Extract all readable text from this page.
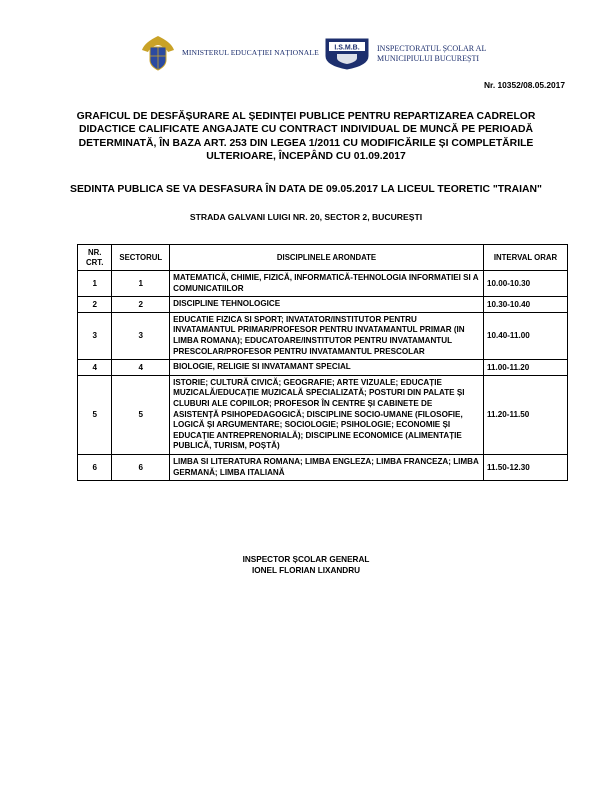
MINISTERUL EDUCAȚIEI NAȚIONALE I.S.M.B. INSPECTORATUL ȘCOLAR AL
MUNICIPIULUI BUCUREȘTI
Nr. 10352/08.05.2017
GRAFICUL DE DESFĂȘURARE AL ȘEDINȚEI PUBLICE PENTRU REPARTIZAREA CADRELOR DIDACTICE CALIFICATE ANGAJATE CU CONTRACT INDIVIDUAL DE MUNCĂ PE PERIOADĂ DETERMINATĂ, ÎN BAZA ART. 253 DIN LEGEA 1/2011 CU MODIFICĂRILE ȘI COMPLETĂRILE ULTERIOARE, ÎNCEPÂND CU 01.09.2017
SEDINTA PUBLICA SE VA DESFASURA ÎN DATA DE 09.05.2017 LA LICEUL TEORETIC "TRAIAN"
STRADA GALVANI LUIGI NR. 20, SECTOR 2, BUCUREȘTI
NR. CRT.	SECTORUL	DISCIPLINELE ARONDATE	INTERVAL ORAR
1	1	MATEMATICĂ, CHIMIE, FIZICĂ, INFORMATICĂ-TEHNOLOGIA INFORMATIEI SI A COMUNICATIILOR	10.00-10.30
2	2	DISCIPLINE TEHNOLOGICE	10.30-10.40
3	3	EDUCATIE FIZICA SI SPORT; INVATATOR/INSTITUTOR PENTRU INVATAMANTUL PRIMAR/PROFESOR PENTRU INVATAMANTUL PRIMAR (IN LIMBA ROMANA); EDUCATOARE/INSTITUTOR PENTRU INVATAMANTUL PRESCOLAR/PROFESOR PENTRU INVATAMANTUL PRESCOLAR	10.40-11.00
4	4	BIOLOGIE, RELIGIE SI INVATAMANT SPECIAL	11.00-11.20
5	5	ISTORIE; CULTURĂ CIVICĂ; GEOGRAFIE; ARTE VIZUALE; EDUCAȚIE MUZICALĂ/EDUCAȚIE MUZICALĂ SPECIALIZATĂ; POSTURI DIN PALATE ȘI CLUBURI ALE COPIILOR; PROFESOR ÎN CENTRE ȘI CABINETE DE ASISTENȚĂ PSIHOPEDAGOGICĂ; DISCIPLINE SOCIO-UMANE (FILOSOFIE, LOGICĂ ȘI ARGUMENTARE; SOCIOLOGIE; PSIHOLOGIE; ECONOMIE ȘI EDUCAȚIE ANTREPRENORIALĂ); DISCIPLINE ECONOMICE (ALIMENTAȚIE PUBLICĂ, TURISM, POȘTĂ)	11.20-11.50
6	6	LIMBA SI LITERATURA ROMANA; LIMBA ENGLEZA; LIMBA FRANCEZA; LIMBA GERMANĂ; LIMBA ITALIANĂ	11.50-12.30
INSPECTOR ȘCOLAR GENERAL
IONEL FLORIAN LIXANDRU
